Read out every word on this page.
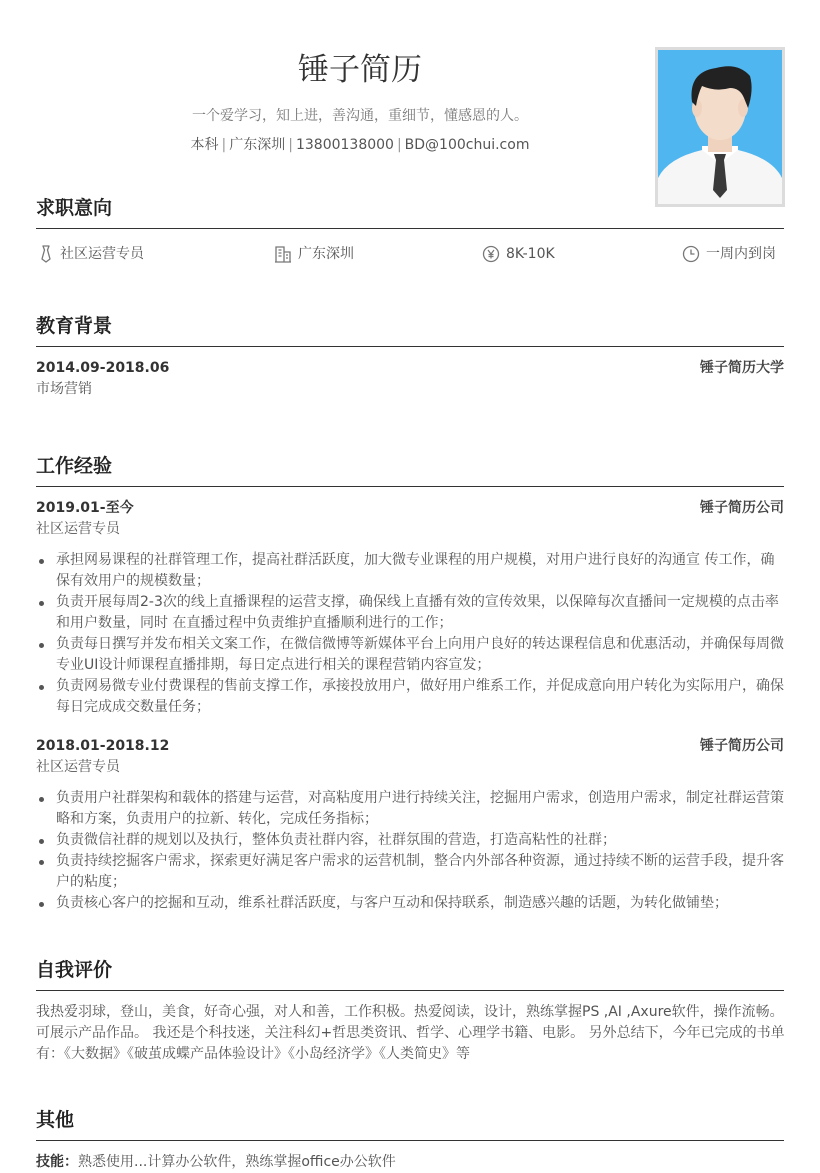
锤子简历
一个爱学习，知上进，善沟通，重细节，懂感恩的人。
本科 | 广东深圳 | 13800138000 | BD@100chui.com
求职意向
社区运营专员	广东深圳	8K-10K	一周内到岗
教育背景
2014.09-2018.06	锤子简历大学
市场营销
工作经验
2019.01-至今	锤子简历公司
社区运营专员
承担网易课程的社群管理工作，提高社群活跃度，加大微专业课程的用户规模，对用户进行良好的沟通宣 传工作，确保有效用户的规模数量；
负责开展每周2-3次的线上直播课程的运营支撑，确保线上直播有效的宣传效果，以保障每次直播间一定规模的点击率和用户数量，同时 在直播过程中负责维护直播顺利进行的工作；
负责每日撰写并发布相关文案工作，在微信微博等新媒体平台上向用户良好的转达课程信息和优惠活动，并确保每周微专业UI设计师课程直播排期，每日定点进行相关的课程营销内容宣发；
负责网易微专业付费课程的售前支撑工作，承接投放用户，做好用户维系工作，并促成意向用户转化为实际用户，确保每日完成成交数量任务；
2018.01-2018.12	锤子简历公司
社区运营专员
负责用户社群架构和载体的搭建与运营，对高粘度用户进行持续关注，挖掘用户需求，创造用户需求，制定社群运营策略和方案，负责用户的拉新、转化，完成任务指标；
负责微信社群的规划以及执行，整体负责社群内容，社群氛围的营造，打造高粘性的社群；
负责持续挖掘客户需求，探索更好满足客户需求的运营机制，整合内外部各种资源，通过持续不断的运营手段，提升客户的粘度；
负责核心客户的挖掘和互动，维系社群活跃度，与客户互动和保持联系，制造感兴趣的话题，为转化做铺垫；
自我评价
我热爱羽球，登山，美食，好奇心强，对人和善，工作积极。热爱阅读，设计，熟练掌握PS ,AI ,Axure软件，操作流畅。可展示产品作品。 我还是个科技迷，关注科幻+哲思类资讯、哲学、心理学书籍、电影。 另外总结下，今年已完成的书单有：《大数据》《破茧成蝶产品体验设计》《小岛经济学》《人类简史》等
其他
技能：熟悉使用...计算办公软件，熟练掌握office办公软件
